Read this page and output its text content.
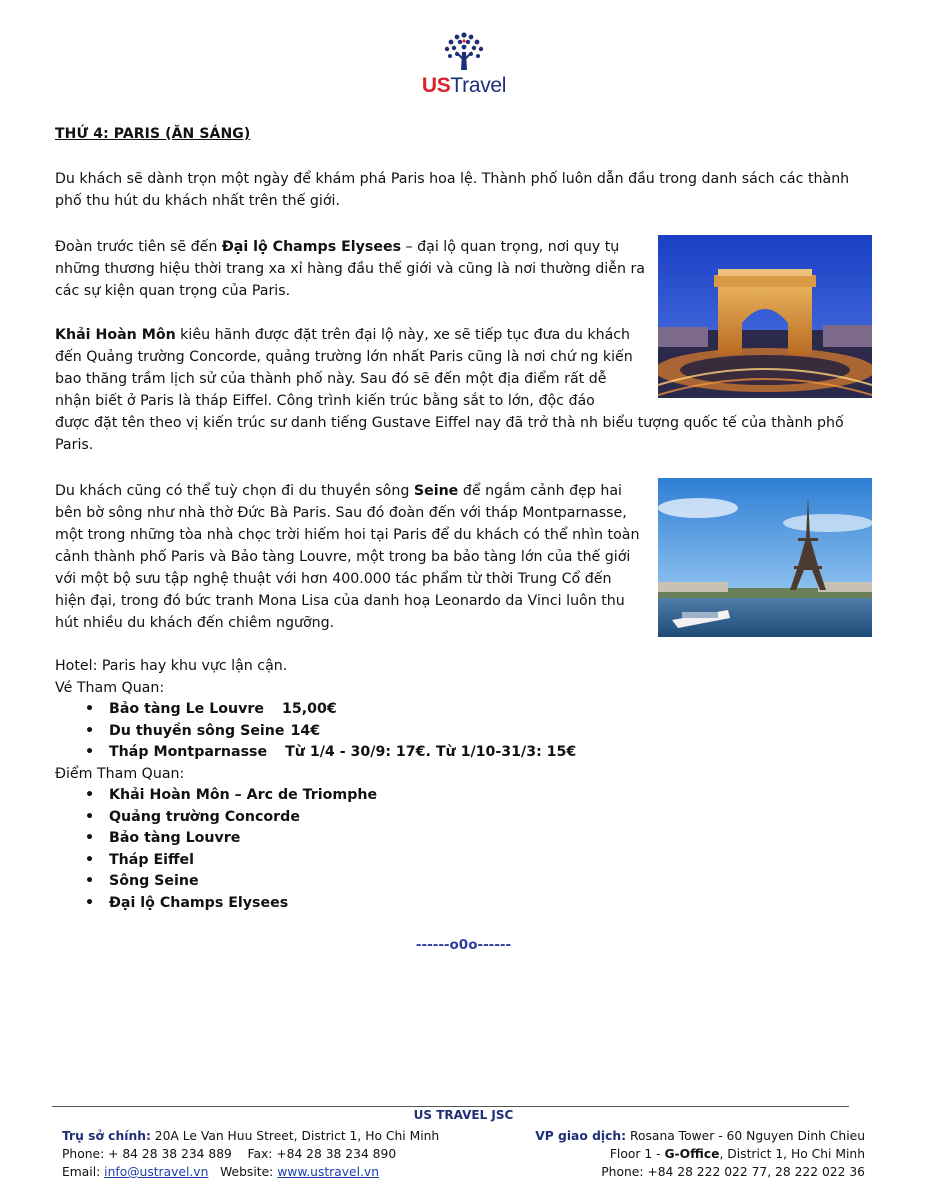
USTravel
THỨ 4: PARIS (ĂN SÁNG)

Du khách sẽ dành trọn một ngày để khám phá Paris hoa lệ. Thành phố luôn dẫn đầu trong danh sách các thành phố thu hút du khách nhất trên thế giới.

Đoàn trước tiên sẽ đến Đại lộ Champs Elysees – đại lộ quan trọng, nơi quy tụ những thương hiệu thời trang xa xỉ hàng đầu thế giới và cũng là nơi thường diễn ra các sự kiện quan trọng của Paris.

Khải Hoàn Môn kiêu hãnh được đặt trên đại lộ này, xe sẽ tiếp tục đưa du khách đến Quảng trường Concorde, quảng trường lớn nhất Paris cũng là nơi chứ ng kiến bao thăng trầm lịch sử của thành phố này. Sau đó sẽ đến một địa điểm rất dễ nhận biết ở Paris là tháp Eiffel. Công trình kiến trúc bằng sắt to lớn, độc đáo
được đặt tên theo vị kiến trúc sư danh tiếng Gustave Eiffel nay đã trở thà nh biểu tượng quốc tế của thành phố Paris.

Du khách cũng có thể tuỳ chọn đi du thuyền sông Seine để ngắm cảnh đẹp hai bên bờ sông như nhà thờ Đức Bà Paris. Sau đó đoàn đến với tháp Montparnasse, một trong những tòa nhà chọc trời hiếm hoi tại Paris để du khách có thể nhìn toàn cảnh thành phố Paris và Bảo tàng Louvre, một trong ba bảo tàng lớn của thế giới với một bộ sưu tập nghệ thuật với hơn 400.000 tác phẩm từ thời Trung Cổ đến hiện đại, trong đó bức tranh Mona Lisa của danh hoạ Leonardo da Vinci luôn thu hút nhiều du khách đến chiêm ngưỡng.

Hotel: Paris hay khu vực lận cận.
Vé Tham Quan:
• Bảo tàng Le Louvre 15,00€
• Du thuyền sông Seine 14€
• Tháp Montparnasse Từ 1/4 - 30/9: 17€. Từ 1/10-31/3: 15€
Điểm Tham Quan:
• Khải Hoàn Môn – Arc de Triomphe
• Quảng trường Concorde
• Bảo tàng Louvre
• Tháp Eiffel
• Sông Seine
• Đại lộ Champs Elysees
------o0o------
US TRAVEL JSC
Trụ sở chính: 20A Le Van Huu Street, District 1, Ho Chi Minh
Phone: + 84 28 38 234 889    Fax: +84 28 38 234 890
Email: info@ustravel.vn   Website: www.ustravel.vn
VP giao dịch: Rosana Tower - 60 Nguyen Dinh Chieu
Floor 1 - G-Office, District 1, Ho Chi Minh
Phone: +84 28 222 022 77, 28 222 022 36
